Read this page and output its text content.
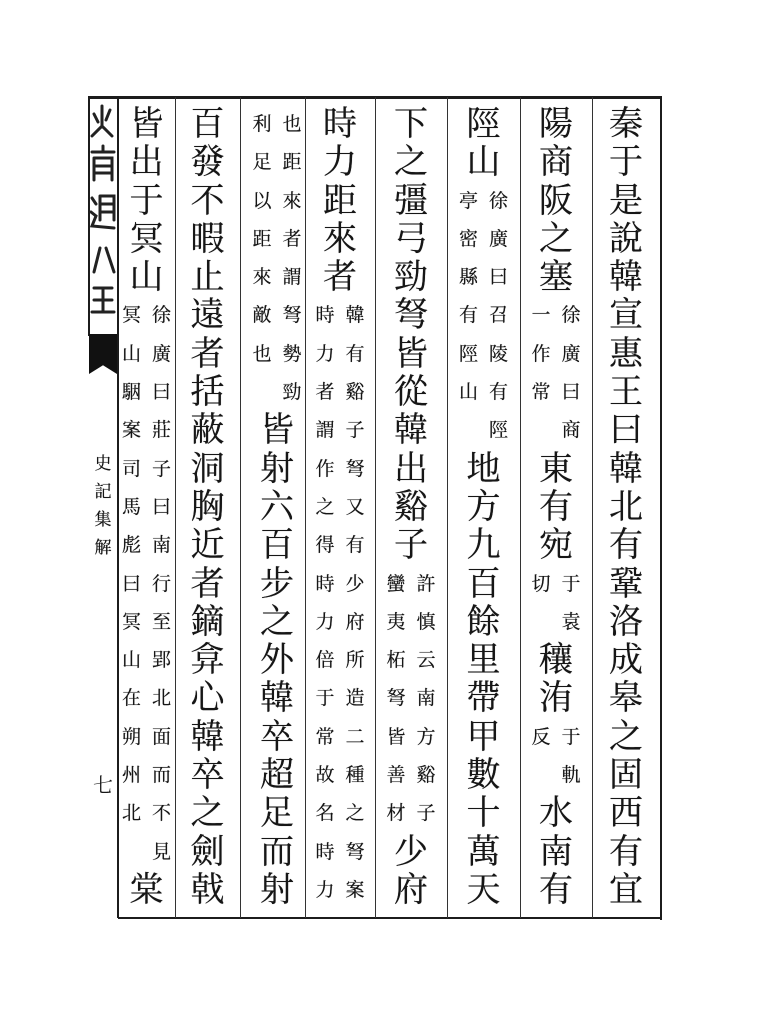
史
記
集
解
七
秦
于
是
說
韓
宣
惠
王
曰
韓
北
有
鞏
洛
成
皋
之
固
西
有
宜
陽
商
阪
之
塞
徐
廣
曰
商
一
作
常
東
有
宛
于
袁
切
穰
洧
于
軌
反
水
南
有
陘
山
徐
廣
曰
召
陵
有
陘
亭
密
縣
有
陘
山
地
方
九
百
餘
里
帶
甲
數
十
萬
天
下
之
彊
弓
勁
弩
皆
從
韓
出
谿
子
許
慎
云
南
方
谿
子
蠻
夷
柘
弩
皆
善
材
少
府
時
力
距
來
者
韓
有
谿
子
弩
又
有
少
府
所
造
二
種
之
弩
案
時
力
者
謂
作
之
得
時
力
倍
于
常
故
名
時
力
也
距
來
者
謂
弩
勢
勁
利
足
以
距
來
敵
也
皆
射
六
百
步
之
外
韓
卒
超
足
而
射
百
發
不
暇
止
遠
者
括
蔽
洞
胸
近
者
鏑
弇
心
韓
卒
之
劍
戟
皆
出
于
冥
山
徐
廣
曰
莊
子
曰
南
行
至
郢
北
面
而
不
見
冥
山
駰
案
司
馬
彪
曰
冥
山
在
朔
州
北
棠
